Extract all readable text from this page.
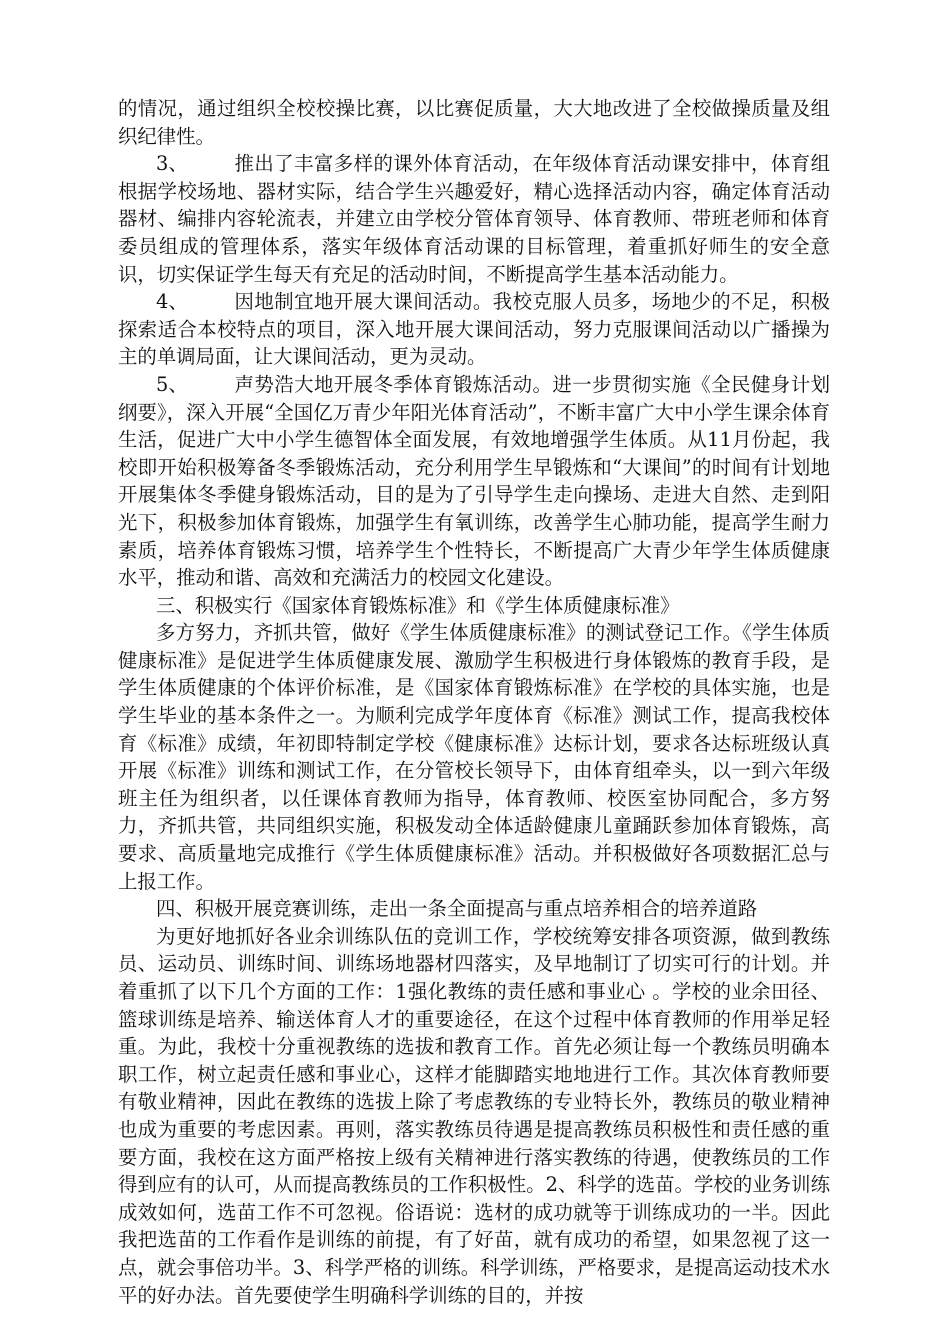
的情况，通过组织全校校操比赛，以比赛促质量，大大地改进了全校做操质量及组织纪律性。

3、 推出了丰富多样的课外体育活动，在年级体育活动课安排中，体育组根据学校场地、器材实际，结合学生兴趣爱好，精心选择活动内容，确定体育活动器材、编排内容轮流表，并建立由学校分管体育领导、体育教师、带班老师和体育委员组成的管理体系，落实年级体育活动课的目标管理，着重抓好师生的安全意识，切实保证学生每天有充足的活动时间，不断提高学生基本活动能力。

4、 因地制宜地开展大课间活动。我校克服人员多，场地少的不足，积极探索适合本校特点的项目，深入地开展大课间活动，努力克服课间活动以广播操为主的单调局面，让大课间活动，更为灵动。

5、 声势浩大地开展冬季体育锻炼活动。进一步贯彻实施《全民健身计划纲要》，深入开展“全国亿万青少年阳光体育活动”，不断丰富广大中小学生课余体育生活，促进广大中小学生德智体全面发展，有效地增强学生体质。从11月份起，我校即开始积极筹备冬季锻炼活动，充分利用学生早锻炼和“大课间”的时间有计划地开展集体冬季健身锻炼活动，目的是为了引导学生走向操场、走进大自然、走到阳光下，积极参加体育锻炼，加强学生有氧训练，改善学生心肺功能，提高学生耐力素质，培养体育锻炼习惯，培养学生个性特长，不断提高广大青少年学生体质健康水平，推动和谐、高效和充满活力的校园文化建设。

三、积极实行《国家体育锻炼标准》和《学生体质健康标准》

多方努力，齐抓共管，做好《学生体质健康标准》的测试登记工作。《学生体质健康标准》是促进学生体质健康发展、激励学生积极进行身体锻炼的教育手段，是学生体质健康的个体评价标准，是《国家体育锻炼标准》在学校的具体实施，也是学生毕业的基本条件之一。为顺利完成学年度体育《标准》测试工作，提高我校体育《标准》成绩，年初即特制定学校《健康标准》达标计划，要求各达标班级认真开展《标准》训练和测试工作，在分管校长领导下，由体育组牵头，以一到六年级班主任为组织者，以任课体育教师为指导，体育教师、校医室协同配合，多方努力，齐抓共管，共同组织实施，积极发动全体适龄健康儿童踊跃参加体育锻炼，高要求、高质量地完成推行《学生体质健康标准》活动。并积极做好各项数据汇总与上报工作。

四、积极开展竞赛训练，走出一条全面提高与重点培养相合的培养道路

为更好地抓好各业余训练队伍的竞训工作，学校统筹安排各项资源，做到教练员、运动员、训练时间、训练场地器材四落实，及早地制订了切实可行的计划。并着重抓了以下几个方面的工作：1强化教练的责任感和事业心 。学校的业余田径、篮球训练是培养、输送体育人才的重要途径，在这个过程中体育教师的作用举足轻重。为此，我校十分重视教练的选拔和教育工作。首先必须让每一个教练员明确本职工作，树立起责任感和事业心，这样才能脚踏实地地进行工作。其次体育教师要有敬业精神，因此在教练的选拔上除了考虑教练的专业特长外，教练员的敬业精神也成为重要的考虑因素。再则，落实教练员待遇是提高教练员积极性和责任感的重要方面，我校在这方面严格按上级有关精神进行落实教练的待遇，使教练员的工作得到应有的认可，从而提高教练员的工作积极性。2、科学的选苗。学校的业务训练成效如何，选苗工作不可忽视。俗语说：选材的成功就等于训练成功的一半。因此我把选苗的工作看作是训练的前提，有了好苗，就有成功的希望，如果忽视了这一点，就会事倍功半。3、科学严格的训练。科学训练，严格要求，是提高运动技术水平的好办法。首先要使学生明确科学训练的目的，并按
